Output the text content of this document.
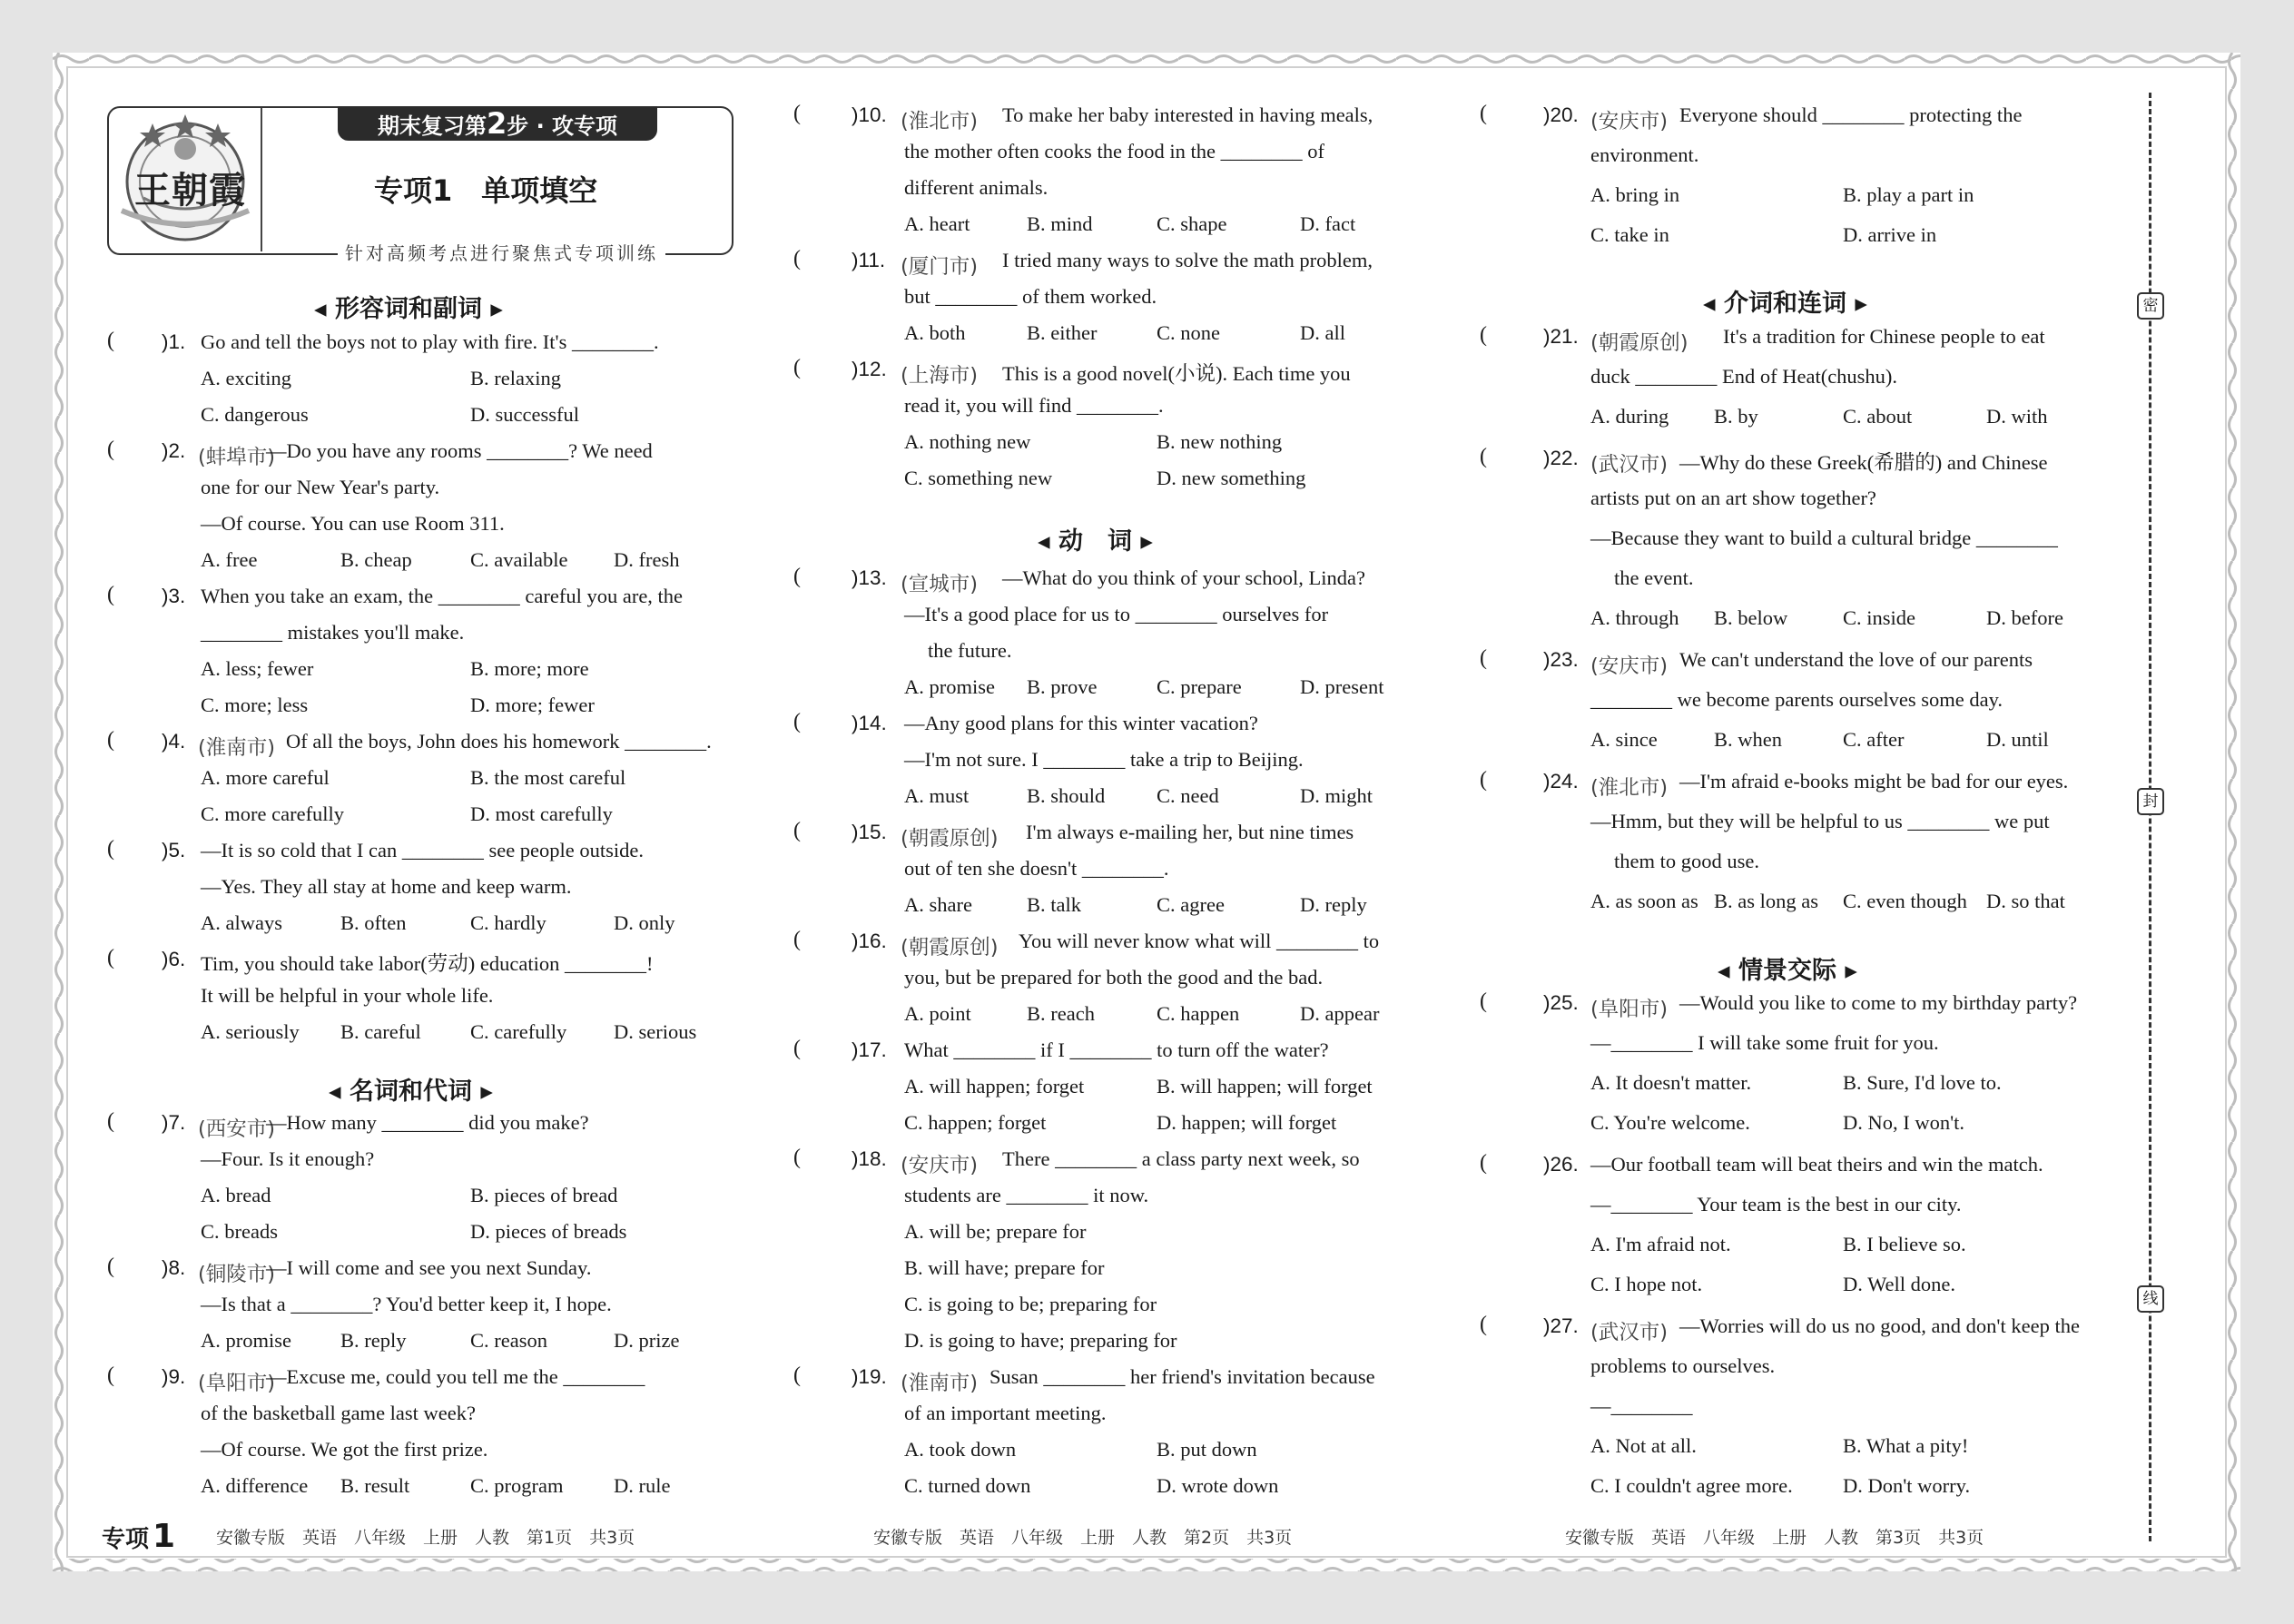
王朝霞
期末复习第2步 · 攻专项
专项1　单项填空
针对高频考点进行聚焦式专项训练
◂ 形容词和副词 ▸
◂ 名词和代词 ▸
◂ 动　词 ▸
◂ 介词和连词 ▸
◂ 情景交际 ▸
( )1. Go and tell the boys not to play with fire. It's ________.
A. exciting	B. relaxing
C. dangerous	D. successful
( )2. (蚌埠市)
—Do you have any rooms ________? We need
one for our New Year's party.
—Of course. You can use Room 311.
A. free	B. cheap	C. available D. fresh
( )3. When you take an exam, the ________ careful you are, the
________ mistakes you'll make.
A. less; fewer	B. more; more
C. more; less	D. more; fewer
( )4. (淮南市) Of all the boys, John does his homework ________.
A. more careful	B. the most careful
C. more carefully	D. most carefully
( )5. —It is so cold that I can ________ see people outside.
—Yes. They all stay at home and keep warm.
A. always	B. often	C. hardly	D. only
( )6. Tim, you should take labor(劳动) education ________!
It will be helpful in your whole life.
A. seriously B. careful C. carefully D. serious
( )7. (西安市)
—How many ________ did you make?
—Four. Is it enough?
A. bread	B. pieces of bread
C. breads	D. pieces of breads
( )8. (铜陵市)
—I will come and see you next Sunday.
—Is that a ________? You'd better keep it, I hope.
A. promise B. reply	C. reason	D. prize
( )9. (阜阳市)
—Excuse me, could you tell me the ________
of the basketball game last week?
—Of course. We got the first prize.
A. difference B. result	C. program D. rule
( )10. (淮北市) To make her baby interested in having meals,
the mother often cooks the food in the ________ of
different animals.
A. heart	B. mind	C. shape	D. fact
( )11. (厦门市) I tried many ways to solve the math problem,
but ________ of them worked.
A. both	B. either	C. none	D. all
( )12. (上海市) This is a good novel(小说). Each time you
read it, you will find ________.
A. nothing new	B. new nothing
C. something new	D. new something
( )13. (宣城市) —What do you think of your school, Linda?
—It's a good place for us to ________ ourselves for
the future.
A. promise B. prove	C. prepare	D. present
( )14. —Any good plans for this winter vacation?
—I'm not sure. I ________ take a trip to Beijing.
A. must	B. should	C. need	D. might
( )15. (朝霞原创) I'm always e-mailing her, but nine times
out of ten she doesn't ________.
A. share	B. talk	C. agree	D. reply
( )16. (朝霞原创) You will never know what will ________ to
you, but be prepared for both the good and the bad.
A. point	B. reach	C. happen	D. appear
( )17. What ________ if I ________ to turn off the water?
A. will happen; forget	B. will happen; will forget
C. happen; forget	D. happen; will forget
( )18. (安庆市) There ________ a class party next week, so
students are ________ it now.
A. will be; prepare for
B. will have; prepare for
C. is going to be; preparing for
D. is going to have; preparing for
( )19. (淮南市) Susan ________ her friend's invitation because
of an important meeting.
A. took down	B. put down
C. turned down	D. wrote down
(	)20. (安庆市) Everyone should ________ protecting the
environment.
A. bring in	B. play a part in
C. take in	D. arrive in
(	)21. (朝霞原创) It's a tradition for Chinese people to eat
duck ________ End of Heat(chushu).
A. during B. by	C. about	D. with
(	)22. (武汉市) —Why do these Greek(希腊的) and Chinese
artists put on an art show together?
—Because they want to build a cultural bridge ________
the event.
A. through B. below	C. inside	D. before
(	)23. (安庆市) We can't understand the love of our parents
________ we become parents ourselves some day.
A. since	B. when	C. after	D. until
(	)24. (淮北市) —I'm afraid e-books might be bad for our eyes.
—Hmm, but they will be helpful to us ________ we put
them to good use.
A. as soon as B. as long as C. even though D. so that
(	)25. (阜阳市) —Would you like to come to my birthday party?
—________ I will take some fruit for you.
A. It doesn't matter.	B. Sure, I'd love to.
C. You're welcome.	D. No, I won't.
(	)26. —Our football team will beat theirs and win the match.
—________ Your team is the best in our city.
A. I'm afraid not.	B. I believe so.
C. I hope not.	D. Well done.
(	)27. (武汉市) —Worries will do us no good, and don't keep the
problems to ourselves.
—________
A. Not at all.	B. What a pity!
C. I couldn't agree more. D. Don't worry.
专项 1 安徽专版　英语　八年级　上册　人教　第1页　共3页	安徽专版　英语　八年级　上册　人教　第2页　共3页	安徽专版　英语　八年级　上册　人教　第3页　共3页
密
封
线
